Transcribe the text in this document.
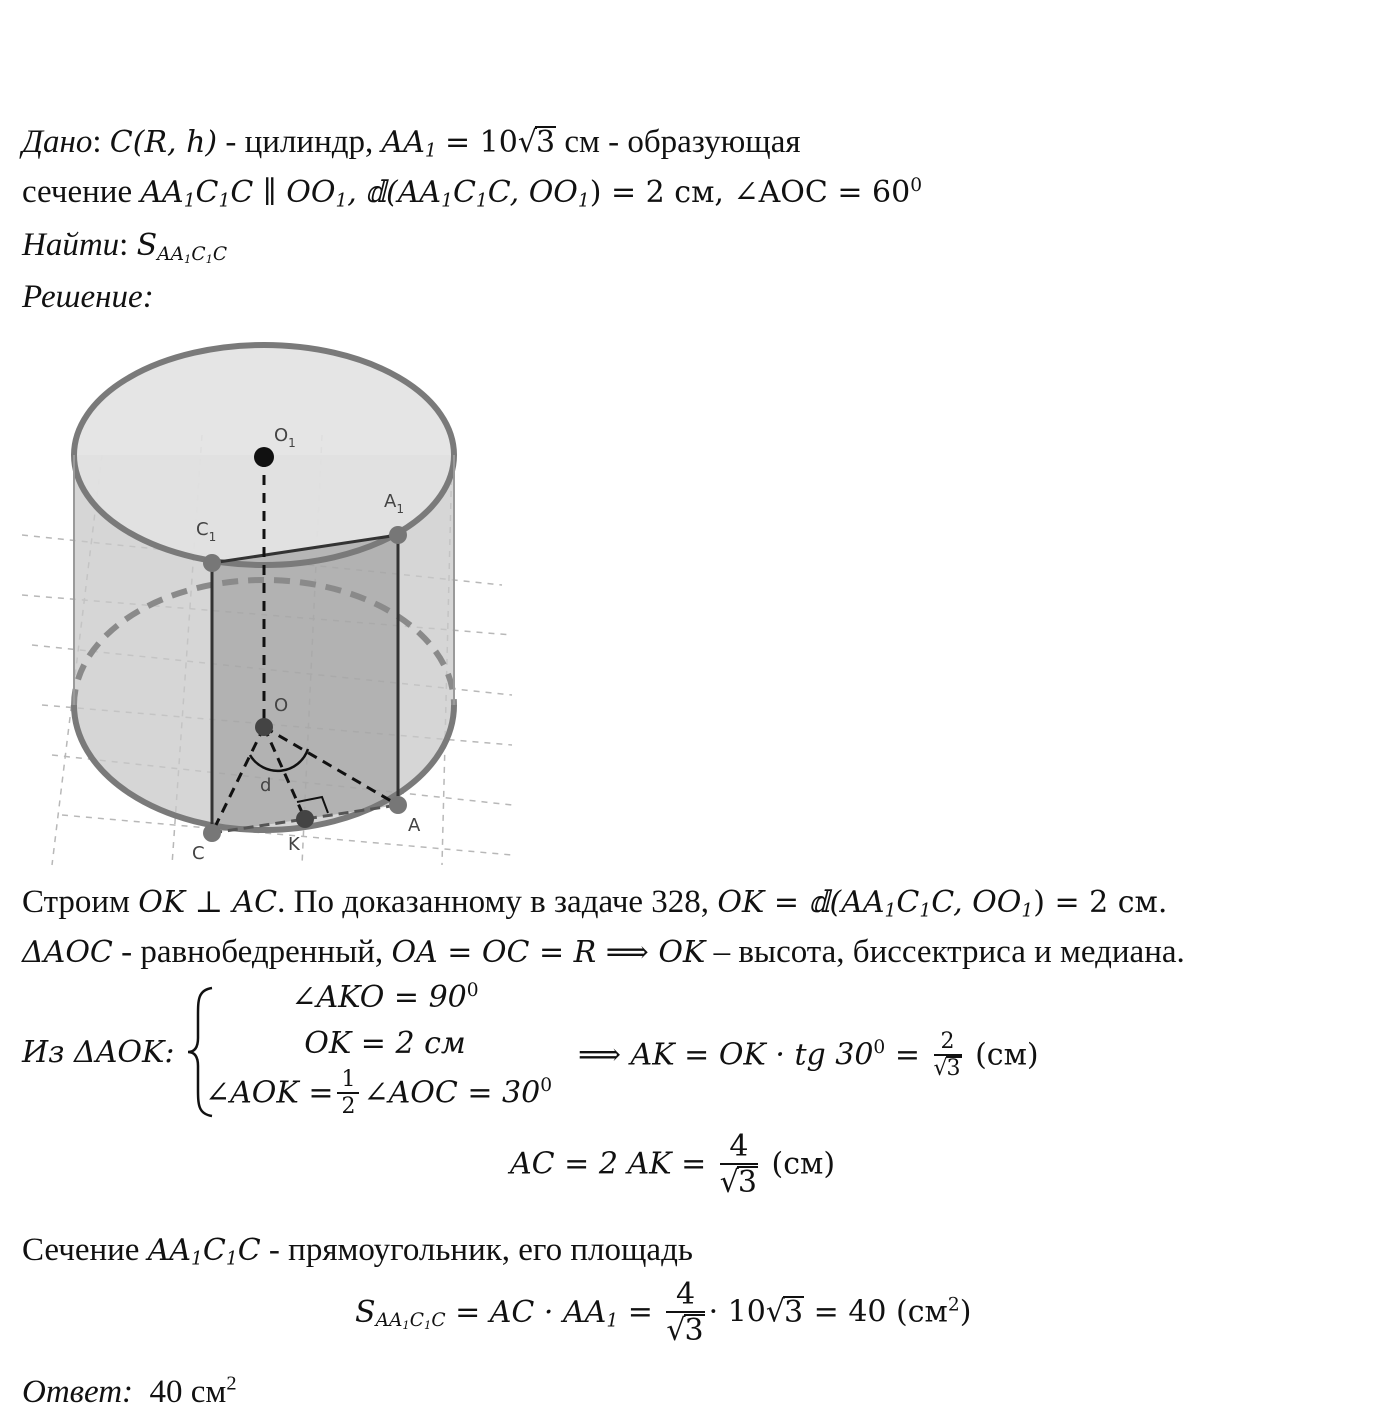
Дано: C(R, h) - цилиндр, $AA_1 = 10√3$ см - образующая
сечение $AA_1C_1C$ ∥ $OO_1$, $𝕕(AA_1C_1C$, $OO_1) = 2$ см, ∠AOC = $60^0$
Найти: $S_{AA_1C_1C}$
Решение:
$O_1$
$A_1$
$C_1$
O
d
A
C	K
Строим OK ⊥ AC. По доказанному в задаче 328, OK = $𝕕(AA_1C_1C$, $OO_1) = 2$ см.
ΔAOC - равнобедренный, OA = OC = R ⟹ OK – высота, биссектриса и медиана.
Из ΔAOK:
∠AKO = $90^0$
OK = 2 см
∠AOK = $\frac{1}{2}$ ∠AOC = $30^0$
⟹ AK = OK · tg $30^0 = \frac{2}{√3} (см)$
AC = 2 AK = $\frac{4}{√3} (см)$
Сечение $AA_1C_1C$ - прямоугольник, его площадь
$S_{AA_1C_1C}$ = AC · $AA_1 = \frac{4}{√3} \cdot 10√3 = 40$ $(см^2)$
Ответ: 40 $см^2$
